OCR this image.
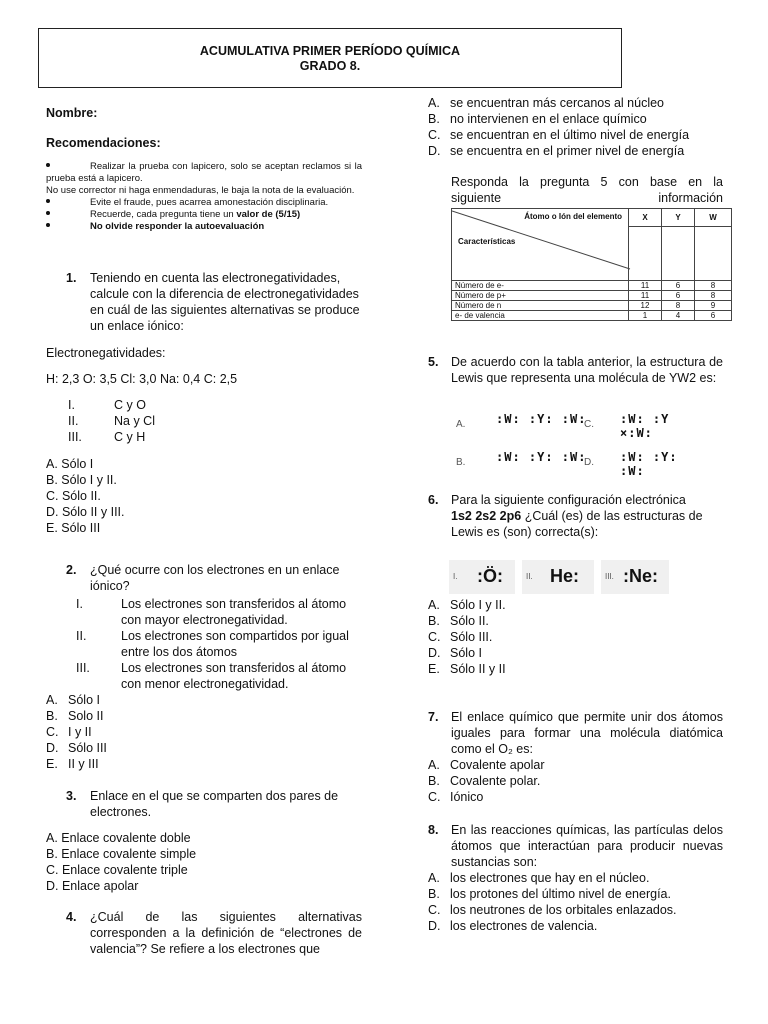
ACUMULATIVA PRIMER PERÍODO QUÍMICA
GRADO 8.
Nombre:
Recomendaciones:
Realizar la prueba con lapicero, solo se aceptan reclamos si la prueba está a lapicero.
No use corrector ni haga enmendaduras, le baja la nota de la evaluación.
Evite el fraude, pues acarrea amonestación disciplinaria.
Recuerde, cada pregunta tiene un valor de (5/15)
No olvide responder la autoevaluación
1.	Teniendo en cuenta las electronegatividades, calcule con la diferencia de electronegatividades en cuál de las siguientes alternativas se produce un enlace iónico:
Electronegatividades:
H: 2,3 O: 3,5 Cl: 3,0 Na: 0,4 C: 2,5
I.	C y O
II.	Na y Cl
III.	C y H
A. Sólo I
B. Sólo I y II.
C. Sólo II.
D. Sólo II y III.
E. Sólo III
2.	¿Qué ocurre con los electrones en un enlace iónico?
I.	Los electrones son transferidos al átomo con mayor electronegatividad.
II.	Los electrones son compartidos por igual entre los dos átomos
III.	Los electrones son transferidos al átomo con menor electronegatividad.
A. Sólo I
B. Solo II
C. I y II
D. Sólo III
E. II y III
3.	Enlace en el que se comparten dos pares de electrones.
A. Enlace covalente doble
B. Enlace covalente simple
C. Enlace covalente triple
D. Enlace apolar
4.	¿Cuál de las siguientes alternativas corresponden a la definición de “electrones de valencia”? Se refiere a los electrones que
A. se encuentran más cercanos al núcleo
B. no intervienen en el enlace químico
C. se encuentran en el último nivel de energía
D. se encuentra en el primer nivel de energía
Responda la pregunta 5 con base en la
siguiente	información
Átomo o Ión del elemento
Características	X	Y	W

Número de e-	11	6	8
Número de p+	11	6	8
Número de n	12	8	9
e- de valencia	1	4	6
5.	De acuerdo con la tabla anterior, la estructura de Lewis que representa una molécula de YW2 es:
A.	:W: :Y: :W:
C. :W: :Y ×:W:
B.	:W: :Y: :W:
D. :W: :Y: :W:
6.	Para la siguiente configuración electrónica
1s2 2s2 2p6 ¿Cuál (es) de las estructuras de Lewis es (son) correcta(s):
I. :Ö:	II. He:	III. :Ne:
A. Sólo I y II.
B. Sólo II.
C. Sólo III.
D. Sólo I
E. Sólo II y II
7.	El enlace químico que permite unir dos átomos iguales para formar una molécula diatómica como el O₂ es:
A. Covalente apolar
B. Covalente polar.
C. Iónico
8.	En las reacciones químicas, las partículas delos átomos que interactúan para producir nuevas sustancias son:
A. los electrones que hay en el núcleo.
B. los protones del último nivel de energía.
C. los neutrones de los orbitales enlazados.
D. los electrones de valencia.
